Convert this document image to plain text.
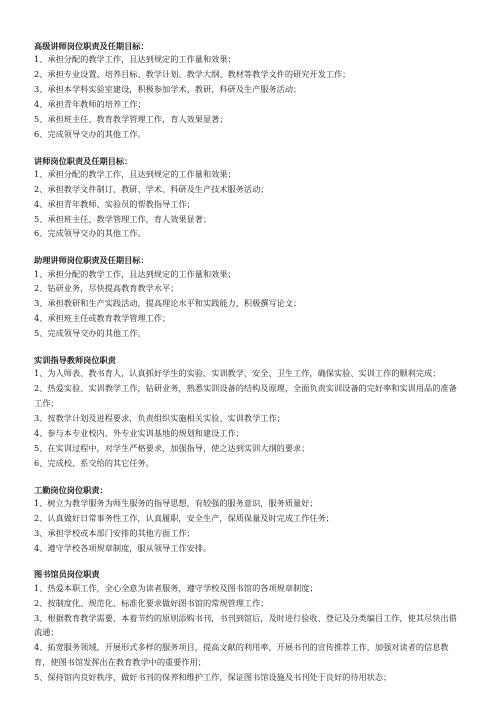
高级讲师岗位职责及任期目标：

1、承担分配的教学工作，且达到规定的工作量和效果；

2、承担专业设置、培养目标、教学计划、教学大纲、教材等教学文件的研究开发工作；

3、承担本学科实验室建设，积极参加学术、教研、科研及生产服务活动；

4、承担青年教师的培养工作；

5、承担班主任、教育教学管理工作，育人效果显著；

6、完成领导交办的其他工作。

讲师岗位职责及任期目标：

1、承担分配的教学工作，且达到规定的工作量和效果；

2、承担教学文件制订、教研、学术、科研及生产技术服务活动；

4、承担青年教师、实验员的帮教指导工作；

5、承担班主任、教学管理工作，育人效果显著；

6、完成领导交办的其他工作。

助理讲师岗位职责及任期目标：

1、承担分配的教学工作，且达到规定的工作量和效果；

2、钻研业务，尽快提高教育教学水平；

3、承担教研和生产实践活动，提高理论水平和实践能力，积极撰写论文；

4、承担班主任或教育教学管理工作；

5、完成领导交办的其他工作。

实训指导教师岗位职责

1、为人师表、教书育人，认真抓好学生的实验、实训教学、安全、卫生工作，确保实验、实训工作的顺利完成；

2、热爱实验、实训教学工作，钻研业务，熟悉实训设备的结构及原理，全面负责实训设备的完好率和实训用品的准备工作；

3、按教学计划及进程要求，负责组织实施相关实验、实训教学工作；

4、参与本专业校内、外专业实训基地的规划和建设工作；

5、在实训过程中，对学生严格要求，加强指导，使之达到实训大纲的要求；

6、完成校、系交给的其它任务。

工勤岗位岗位职责：

1、树立为教学服务为师生服务的指导思想，有较强的服务意识，服务质量好；

2、认真做好日常事务性工作，认真履职，安全生产，保质保量及时完成工作任务；

3、承担学校或本部门安排的其他方面工作；

4、遵守学校各项规章制度，服从领导工作安排。

图书馆员岗位职责

1、热爱本职工作，全心全意为读者服务，遵守学校及图书馆的各项规章制度；

2、按制度化、规范化、标准化要求做好图书馆的常规管理工作；

3、根据教育教学需要，本着节约的原则添购书刊，书刊到馆后，及时进行验收、登记及分类编目工作，使其尽快出借流通；

4、拓宽服务领域，开展形式多样的服务项目，提高文献的利用率，开展书刊的宣传推荐工作，加强对读者的信息教育，使图书馆发挥出在教育教学中的重要作用；

5、保持馆内良好秩序，做好书刊的保养和维护工作，保证图书馆设施及书刊处于良好的待用状态；
